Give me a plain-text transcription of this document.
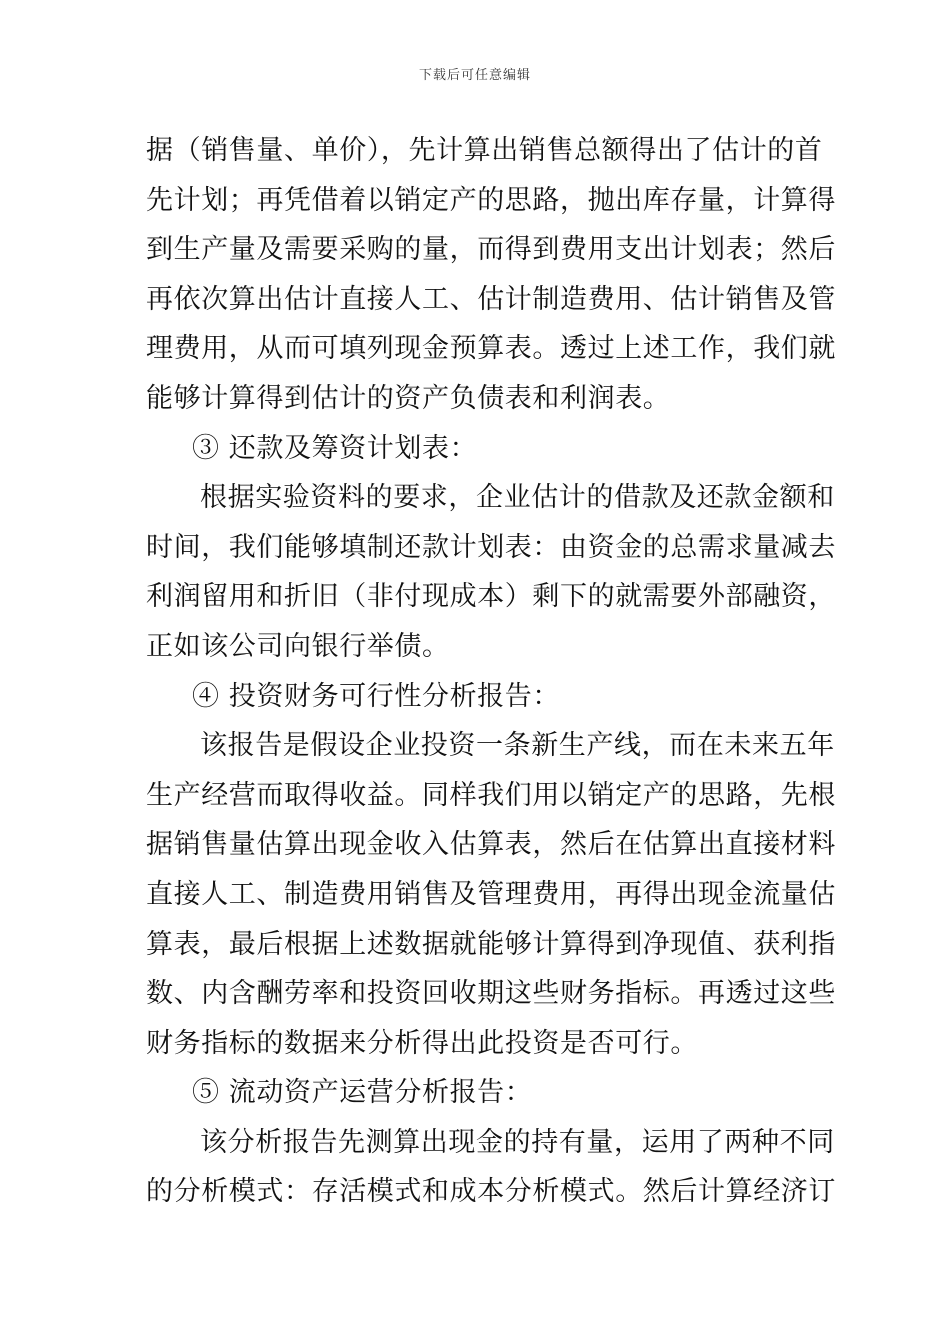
下载后可任意编辑
据（销售量、单价），先计算出销售总额得出了估计的首
先计划；再凭借着以销定产的思路，抛出库存量，计算得
到生产量及需要采购的量，而得到费用支出计划表；然后
再依次算出估计直接人工、估计制造费用、估计销售及管
理费用，从而可填列现金预算表。透过上述工作，我们就
能够计算得到估计的资产负债表和利润表。
③ 还款及筹资计划表：
根据实验资料的要求，企业估计的借款及还款金额和
时间，我们能够填制还款计划表：由资金的总需求量减去
利润留用和折旧（非付现成本）剩下的就需要外部融资，
正如该公司向银行举债。
④ 投资财务可行性分析报告：
该报告是假设企业投资一条新生产线，而在未来五年
生产经营而取得收益。同样我们用以销定产的思路，先根
据销售量估算出现金收入估算表，然后在估算出直接材料
直接人工、制造费用销售及管理费用，再得出现金流量估
算表，最后根据上述数据就能够计算得到净现值、获利指
数、内含酬劳率和投资回收期这些财务指标。再透过这些
财务指标的数据来分析得出此投资是否可行。
⑤ 流动资产运营分析报告：
该分析报告先测算出现金的持有量，运用了两种不同
的分析模式：存活模式和成本分析模式。然后计算经济订
